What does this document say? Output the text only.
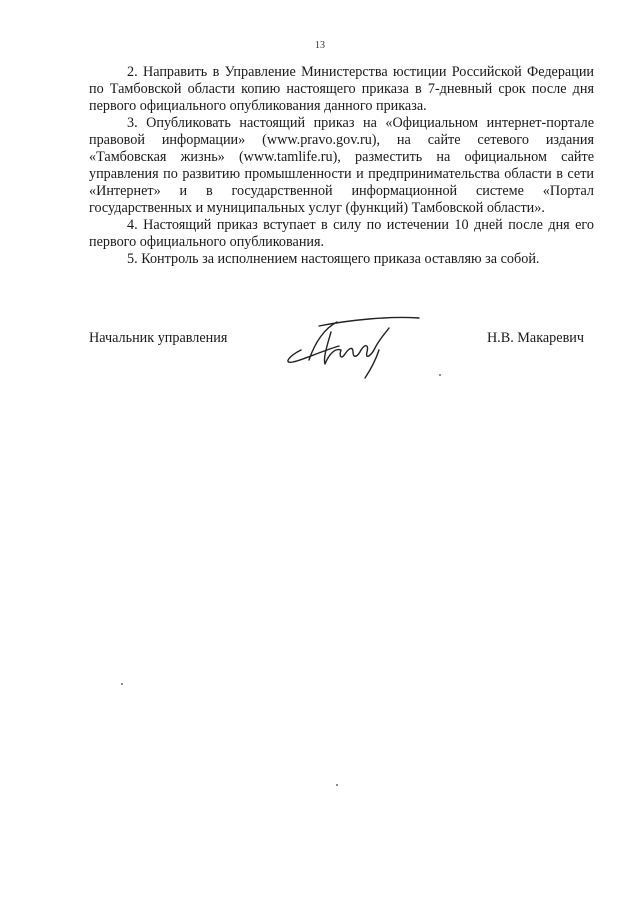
13

2. Направить в Управление Министерства юстиции Российской Федерации по Тамбовской области копию настоящего приказа в 7-дневный срок после дня первого официального опубликования данного приказа.

3. Опубликовать настоящий приказ на «Официальном интернет-портале правовой информации» (www.pravo.gov.ru), на сайте сетевого издания «Тамбовская жизнь» (www.tamlife.ru), разместить на официальном сайте управления по развитию промышленности и предпринимательства области в сети «Интернет» и в государственной информационной системе «Портал государственных и муниципальных услуг (функций) Тамбовской области».

4. Настоящий приказ вступает в силу по истечении 10 дней после дня его первого официального опубликования.

5. Контроль за исполнением настоящего приказа оставляю за собой.

Начальник управления	Н.В. Макаревич
